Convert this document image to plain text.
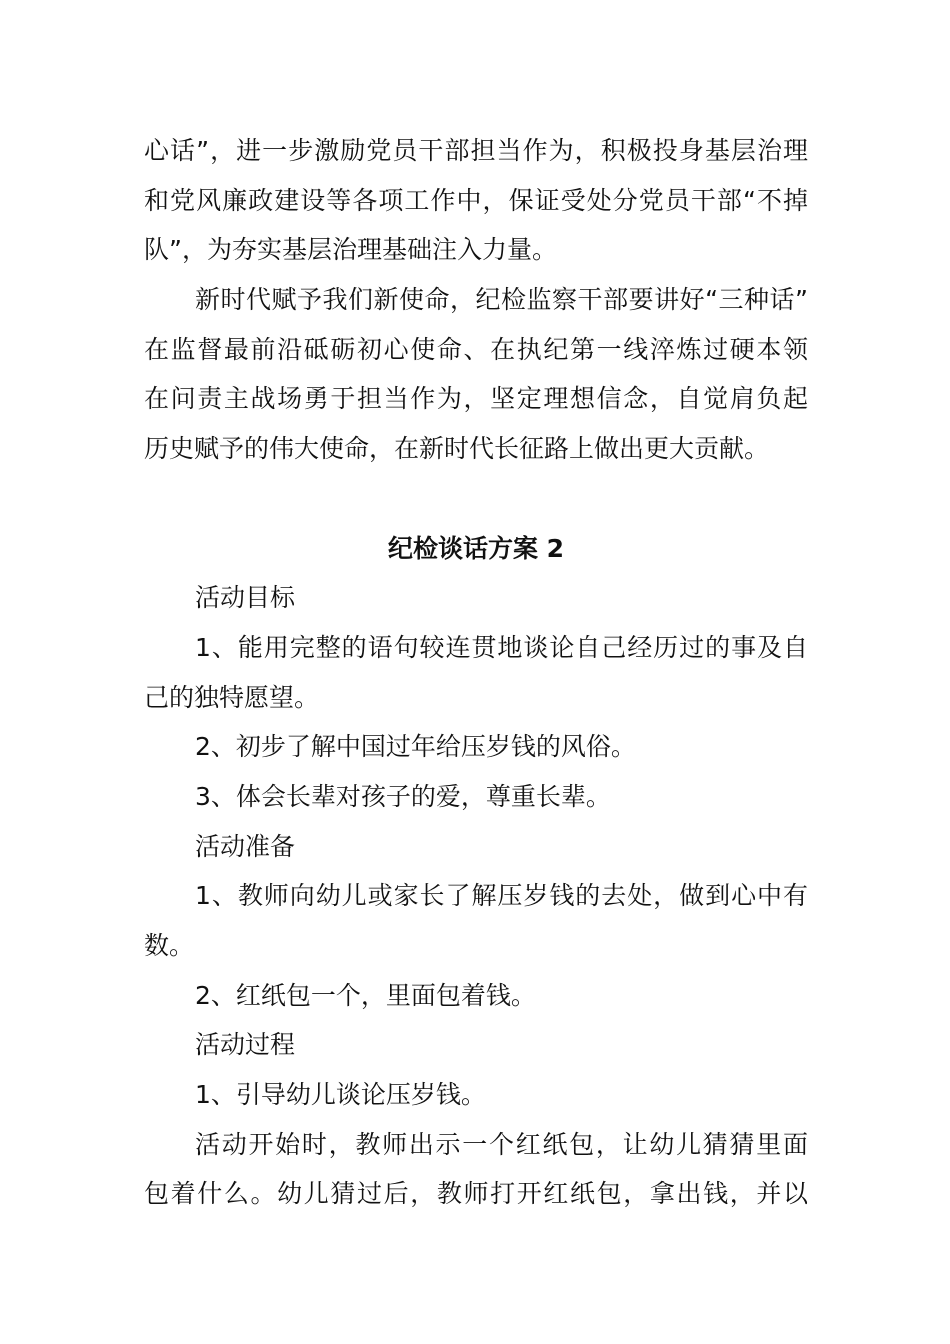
心话”，进一步激励党员干部担当作为，积极投身基层治理
和党风廉政建设等各项工作中，保证受处分党员干部“不掉
队”，为夯实基层治理基础注入力量。
新时代赋予我们新使命，纪检监察干部要讲好“三种话”
在监督最前沿砥砺初心使命、在执纪第一线淬炼过硬本领
在问责主战场勇于担当作为，坚定理想信念，自觉肩负起
历史赋予的伟大使命，在新时代长征路上做出更大贡献。
纪检谈话方案 2
活动目标
1、能用完整的语句较连贯地谈论自己经历过的事及自
己的独特愿望。
2、初步了解中国过年给压岁钱的风俗。
3、体会长辈对孩子的爱，尊重长辈。
活动准备
1、教师向幼儿或家长了解压岁钱的去处，做到心中有
数。
2、红纸包一个，里面包着钱。
活动过程
1、引导幼儿谈论压岁钱。
活动开始时，教师出示一个红纸包，让幼儿猜猜里面
包着什么。幼儿猜过后，教师打开红纸包，拿出钱，并以
